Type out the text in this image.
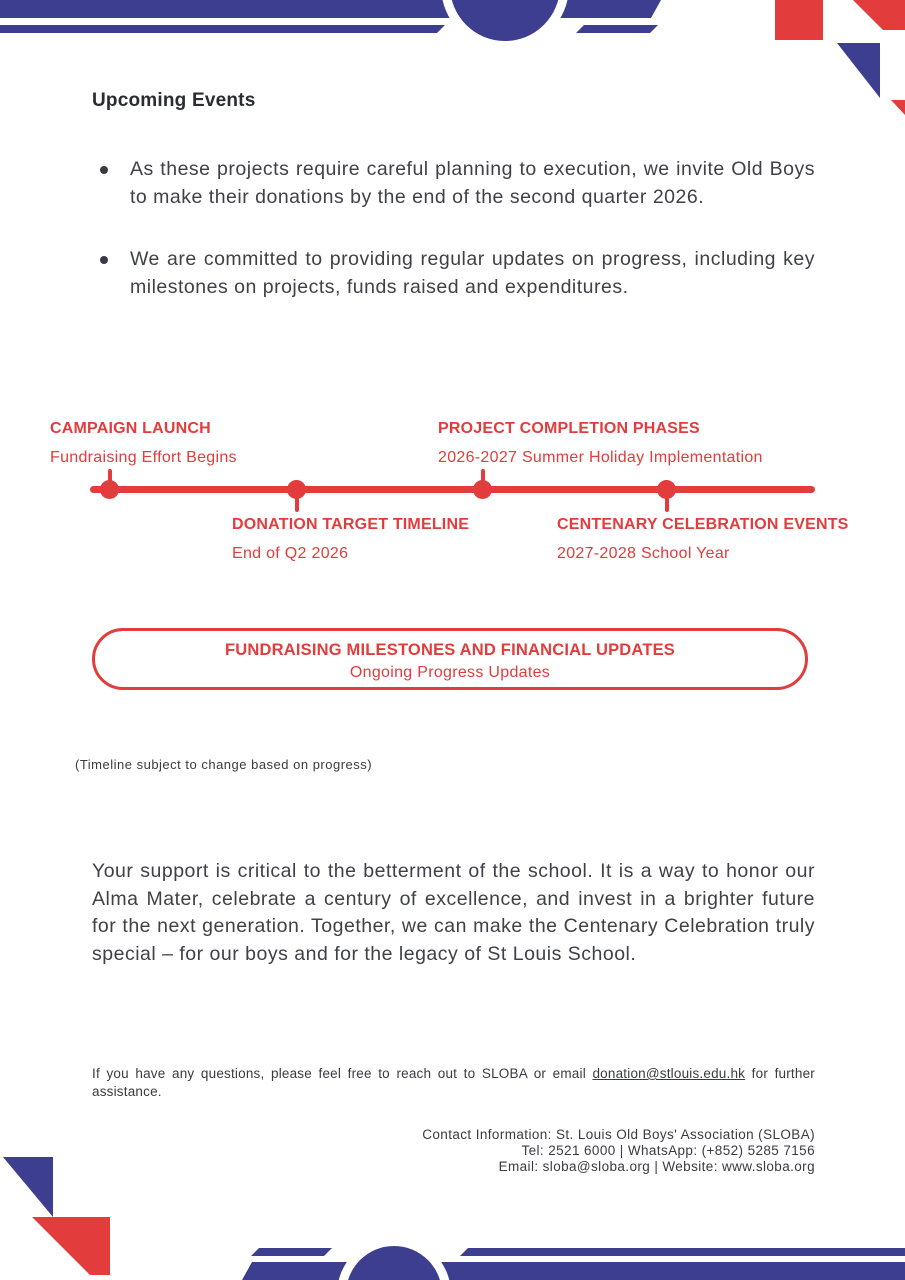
Upcoming Events
As these projects require careful planning to execution, we invite Old Boys to make their donations by the end of the second quarter 2026.
We are committed to providing regular updates on progress, including key milestones on projects, funds raised and expenditures.
CAMPAIGN LAUNCH
Fundraising Effort Begins
PROJECT COMPLETION PHASES
2026-2027 Summer Holiday Implementation
DONATION TARGET TIMELINE
End of Q2 2026
CENTENARY CELEBRATION EVENTS
2027-2028 School Year
FUNDRAISING MILESTONES AND FINANCIAL UPDATES
Ongoing Progress Updates
(Timeline subject to change based on progress)
Your support is critical to the betterment of the school. It is a way to honor our Alma Mater, celebrate a century of excellence, and invest in a brighter future for the next generation. Together, we can make the Centenary Celebration truly special – for our boys and for the legacy of St Louis School.
If you have any questions, please feel free to reach out to SLOBA or email donation@stlouis.edu.hk for further assistance.
Contact Information: St. Louis Old Boys' Association (SLOBA)
Tel: 2521 6000 | WhatsApp: (+852) 5285 7156
Email: sloba@sloba.org | Website: www.sloba.org
